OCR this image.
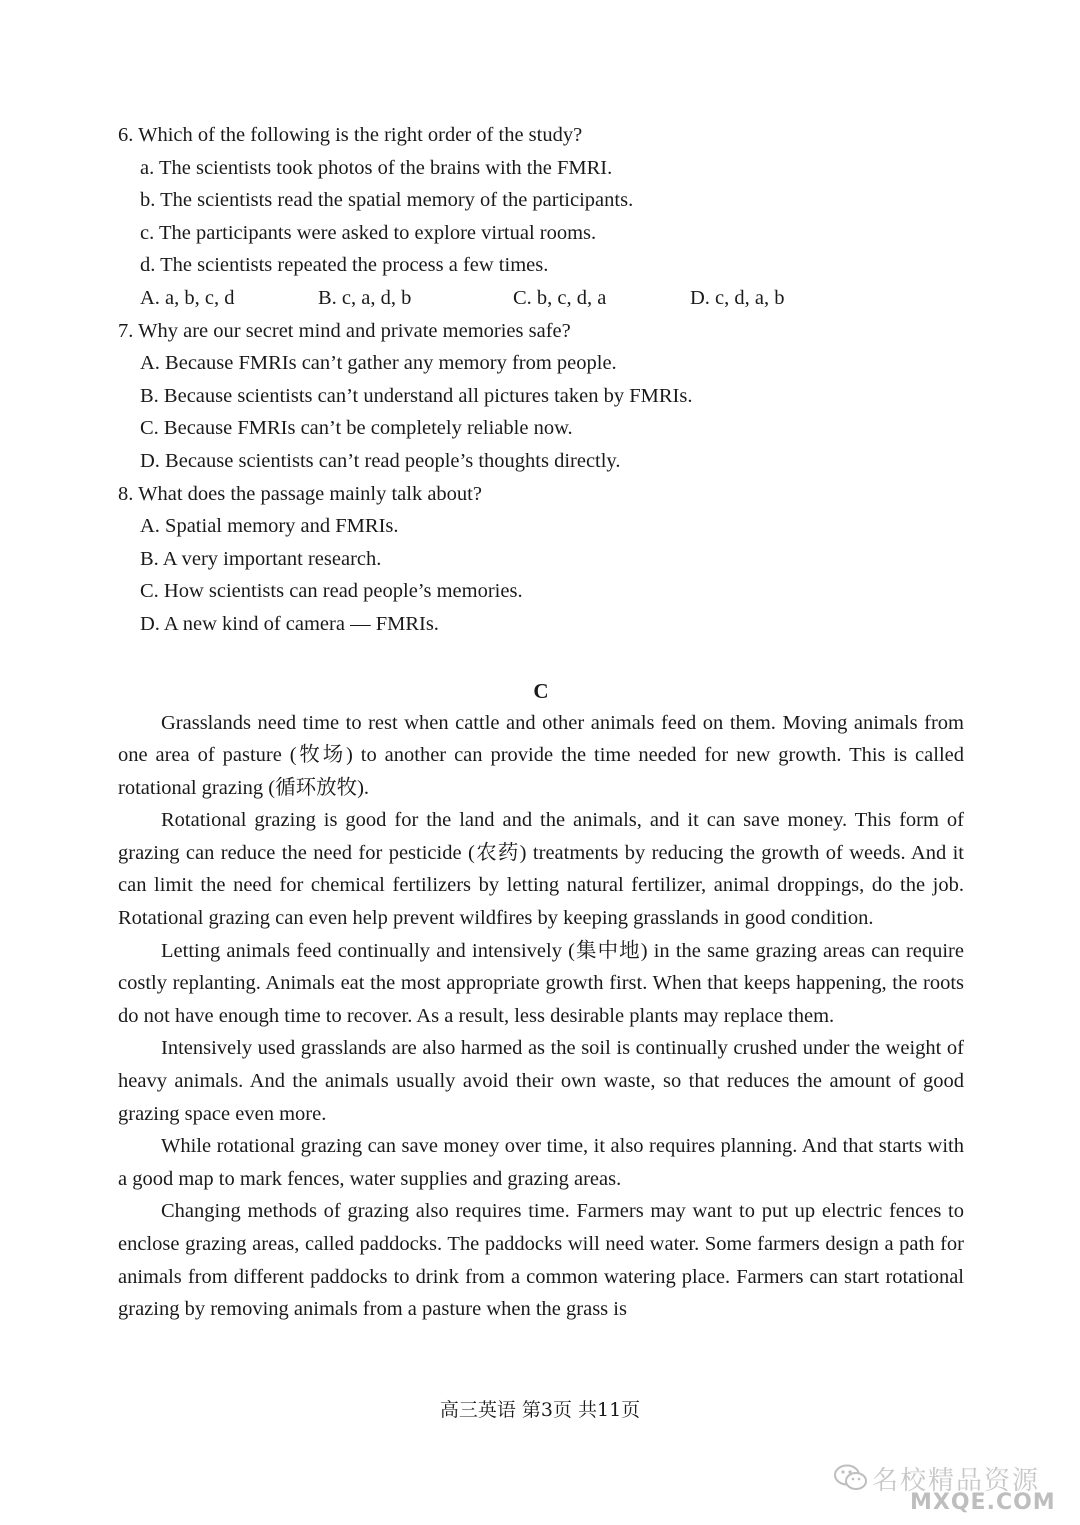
6. Which of the following is the right order of the study?
a. The scientists took photos of the brains with the FMRI.
b. The scientists read the spatial memory of the participants.
c. The participants were asked to explore virtual rooms.
d. The scientists repeated the process a few times.
A. a, b, c, d	B. c, a, d, b	C. b, c, d, a	D. c, d, a, b
7. Why are our secret mind and private memories safe?
A. Because FMRIs can’t gather any memory from people.
B. Because scientists can’t understand all pictures taken by FMRIs.
C. Because FMRIs can’t be completely reliable now.
D. Because scientists can’t read people’s thoughts directly.
8. What does the passage mainly talk about?
A. Spatial memory and FMRIs.
B. A very important research.
C. How scientists can read people’s memories.
D. A new kind of camera — FMRIs.
C

Grasslands need time to rest when cattle and other animals feed on them. Moving animals from one area of pasture (牧场) to another can provide the time needed for new growth. This is called rotational grazing (循环放牧).

Rotational grazing is good for the land and the animals, and it can save money. This form of grazing can reduce the need for pesticide (农药) treatments by reducing the growth of weeds. And it can limit the need for chemical fertilizers by letting natural fertilizer, animal droppings, do the job. Rotational grazing can even help prevent wildfires by keeping grasslands in good condition.

Letting animals feed continually and intensively (集中地) in the same grazing areas can require costly replanting. Animals eat the most appropriate growth first. When that keeps happening, the roots do not have enough time to recover. As a result, less desirable plants may replace them.

Intensively used grasslands are also harmed as the soil is continually crushed under the weight of heavy animals. And the animals usually avoid their own waste, so that reduces the amount of good grazing space even more.

While rotational grazing can save money over time, it also requires planning. And that starts with a good map to mark fences, water supplies and grazing areas.

Changing methods of grazing also requires time. Farmers may want to put up electric fences to enclose grazing areas, called paddocks. The paddocks will need water. Some farmers design a path for animals from different paddocks to drink from a common watering place. Farmers can start rotational grazing by removing animals from a pasture when the grass is

高三英语 第3页 共11页
名校精品资源
MXQE.COM
